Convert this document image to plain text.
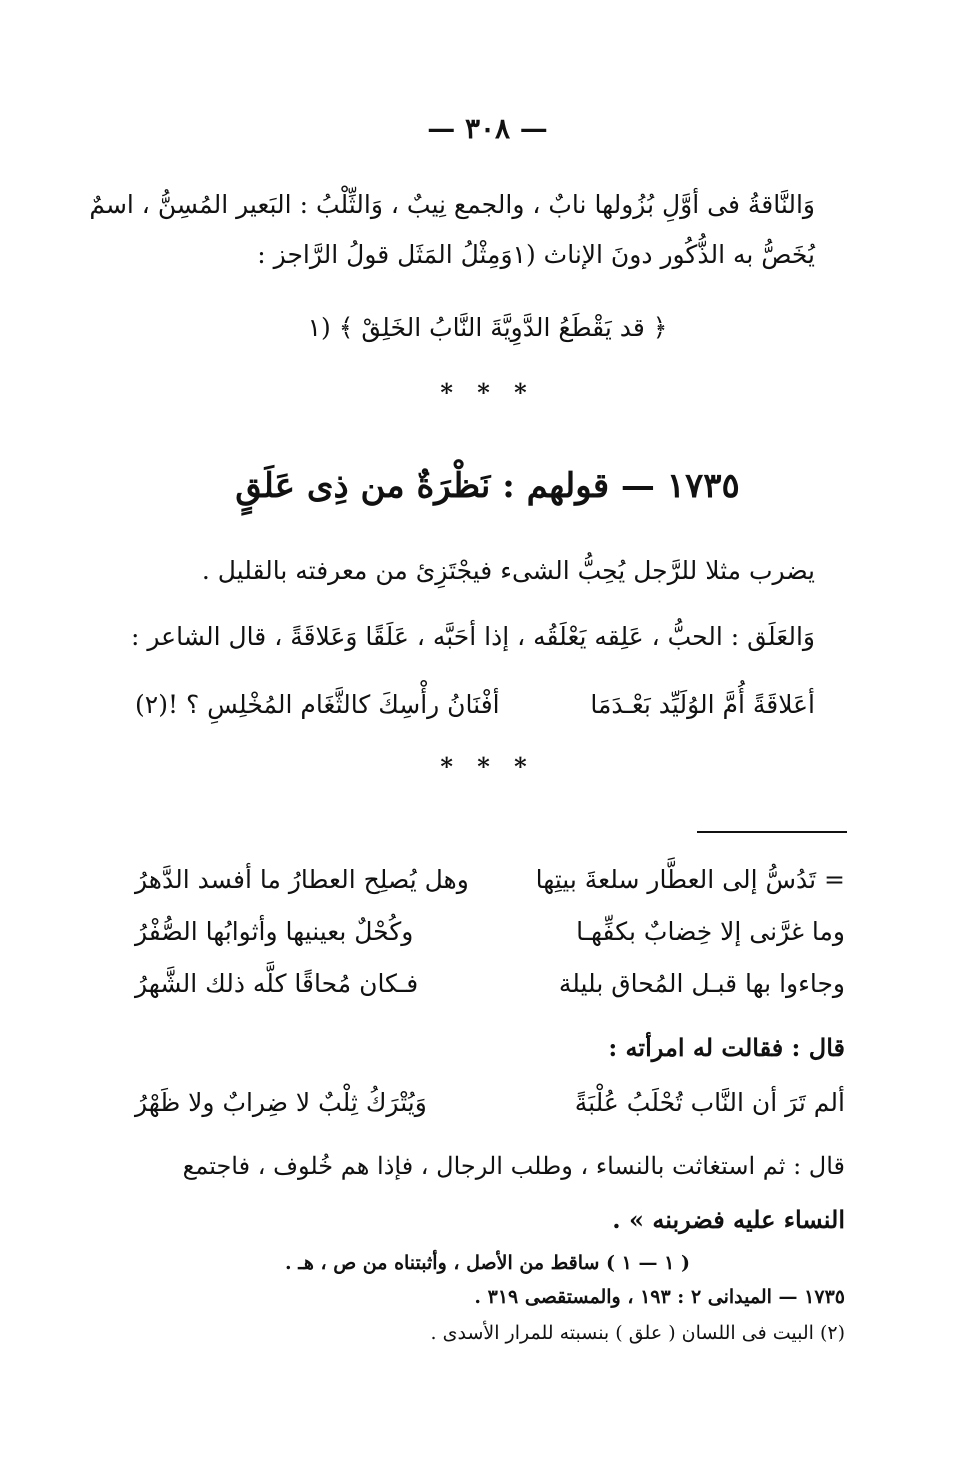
— ٣٠٨ —
وَالنَّاقةُ فى أوَّلِ بُزُولها نابٌ ، والجمع نِيبٌ ، وَالثِّلْبُ : البَعير المُسِنُّ ، اسمٌ
يُخَصُّ به الذُّكُور دونَ الإناث (١وَمِثْلُ المَثَل قولُ الرَّاجز :
﴿ قد يَقْطَعُ الدَّوِيَّةَ النَّابُ الخَلِقْ ﴾ (١
* * *
١٧٣٥ — قولهم : نَظْرَةٌ من ذِى عَلَقٍ
يضرب مثلا للرَّجل يُحِبُّ الشىء فيجْتَزِئ من معرفته بالقليل .
وَالعَلَق : الحبُّ ، عَلِقه يَعْلَقُه ، إذا أحَبَّه ، عَلَقًا وَعَلاقَةً ، قال الشاعر :
أعَلاقَةً أُمَّ الوُلَيِّد بَعْـدَمَا
أفْنَانُ رأْسِكَ كالثَّغَام المُخْلِسِ ؟ !(٢)
* * *
= تَدُسُّ إلى العطَّار سلعةَ بيتِها
وهل يُصلِح العطارُ ما أفسد الدَّهرُ
وما غرَّنى إلا خِضابٌ بكفِّهـا
وكُحْلٌ بعينيها وأثوابُها الصُّفْرُ
وجاءوا بها قبـل المُحاق بليلة
فـكان مُحاقًا كلَّه ذلك الشَّهرُ
قال : فقالت له امرأته :
ألم تَرَ أن النَّاب تُحْلَبُ عُلْبَةً
وَيُتْرَكُ ثِلْبٌ لا ضِرابٌ ولا ظَهْرُ
قال : ثم استغاثت بالنساء ، وطلب الرجال ، فإذا هم خُلوف ، فاجتمع
النساء عليه فضربنه » .
( ١ — ١ ) ساقط من الأصل ، وأثبتناه من ص ، هـ .
١٧٣٥ — الميدانى ٢ : ١٩٣ ، والمستقصى ٣١٩ .
(٢) البيت فى اللسان ( علق ) بنسبته للمرار الأسدى .
